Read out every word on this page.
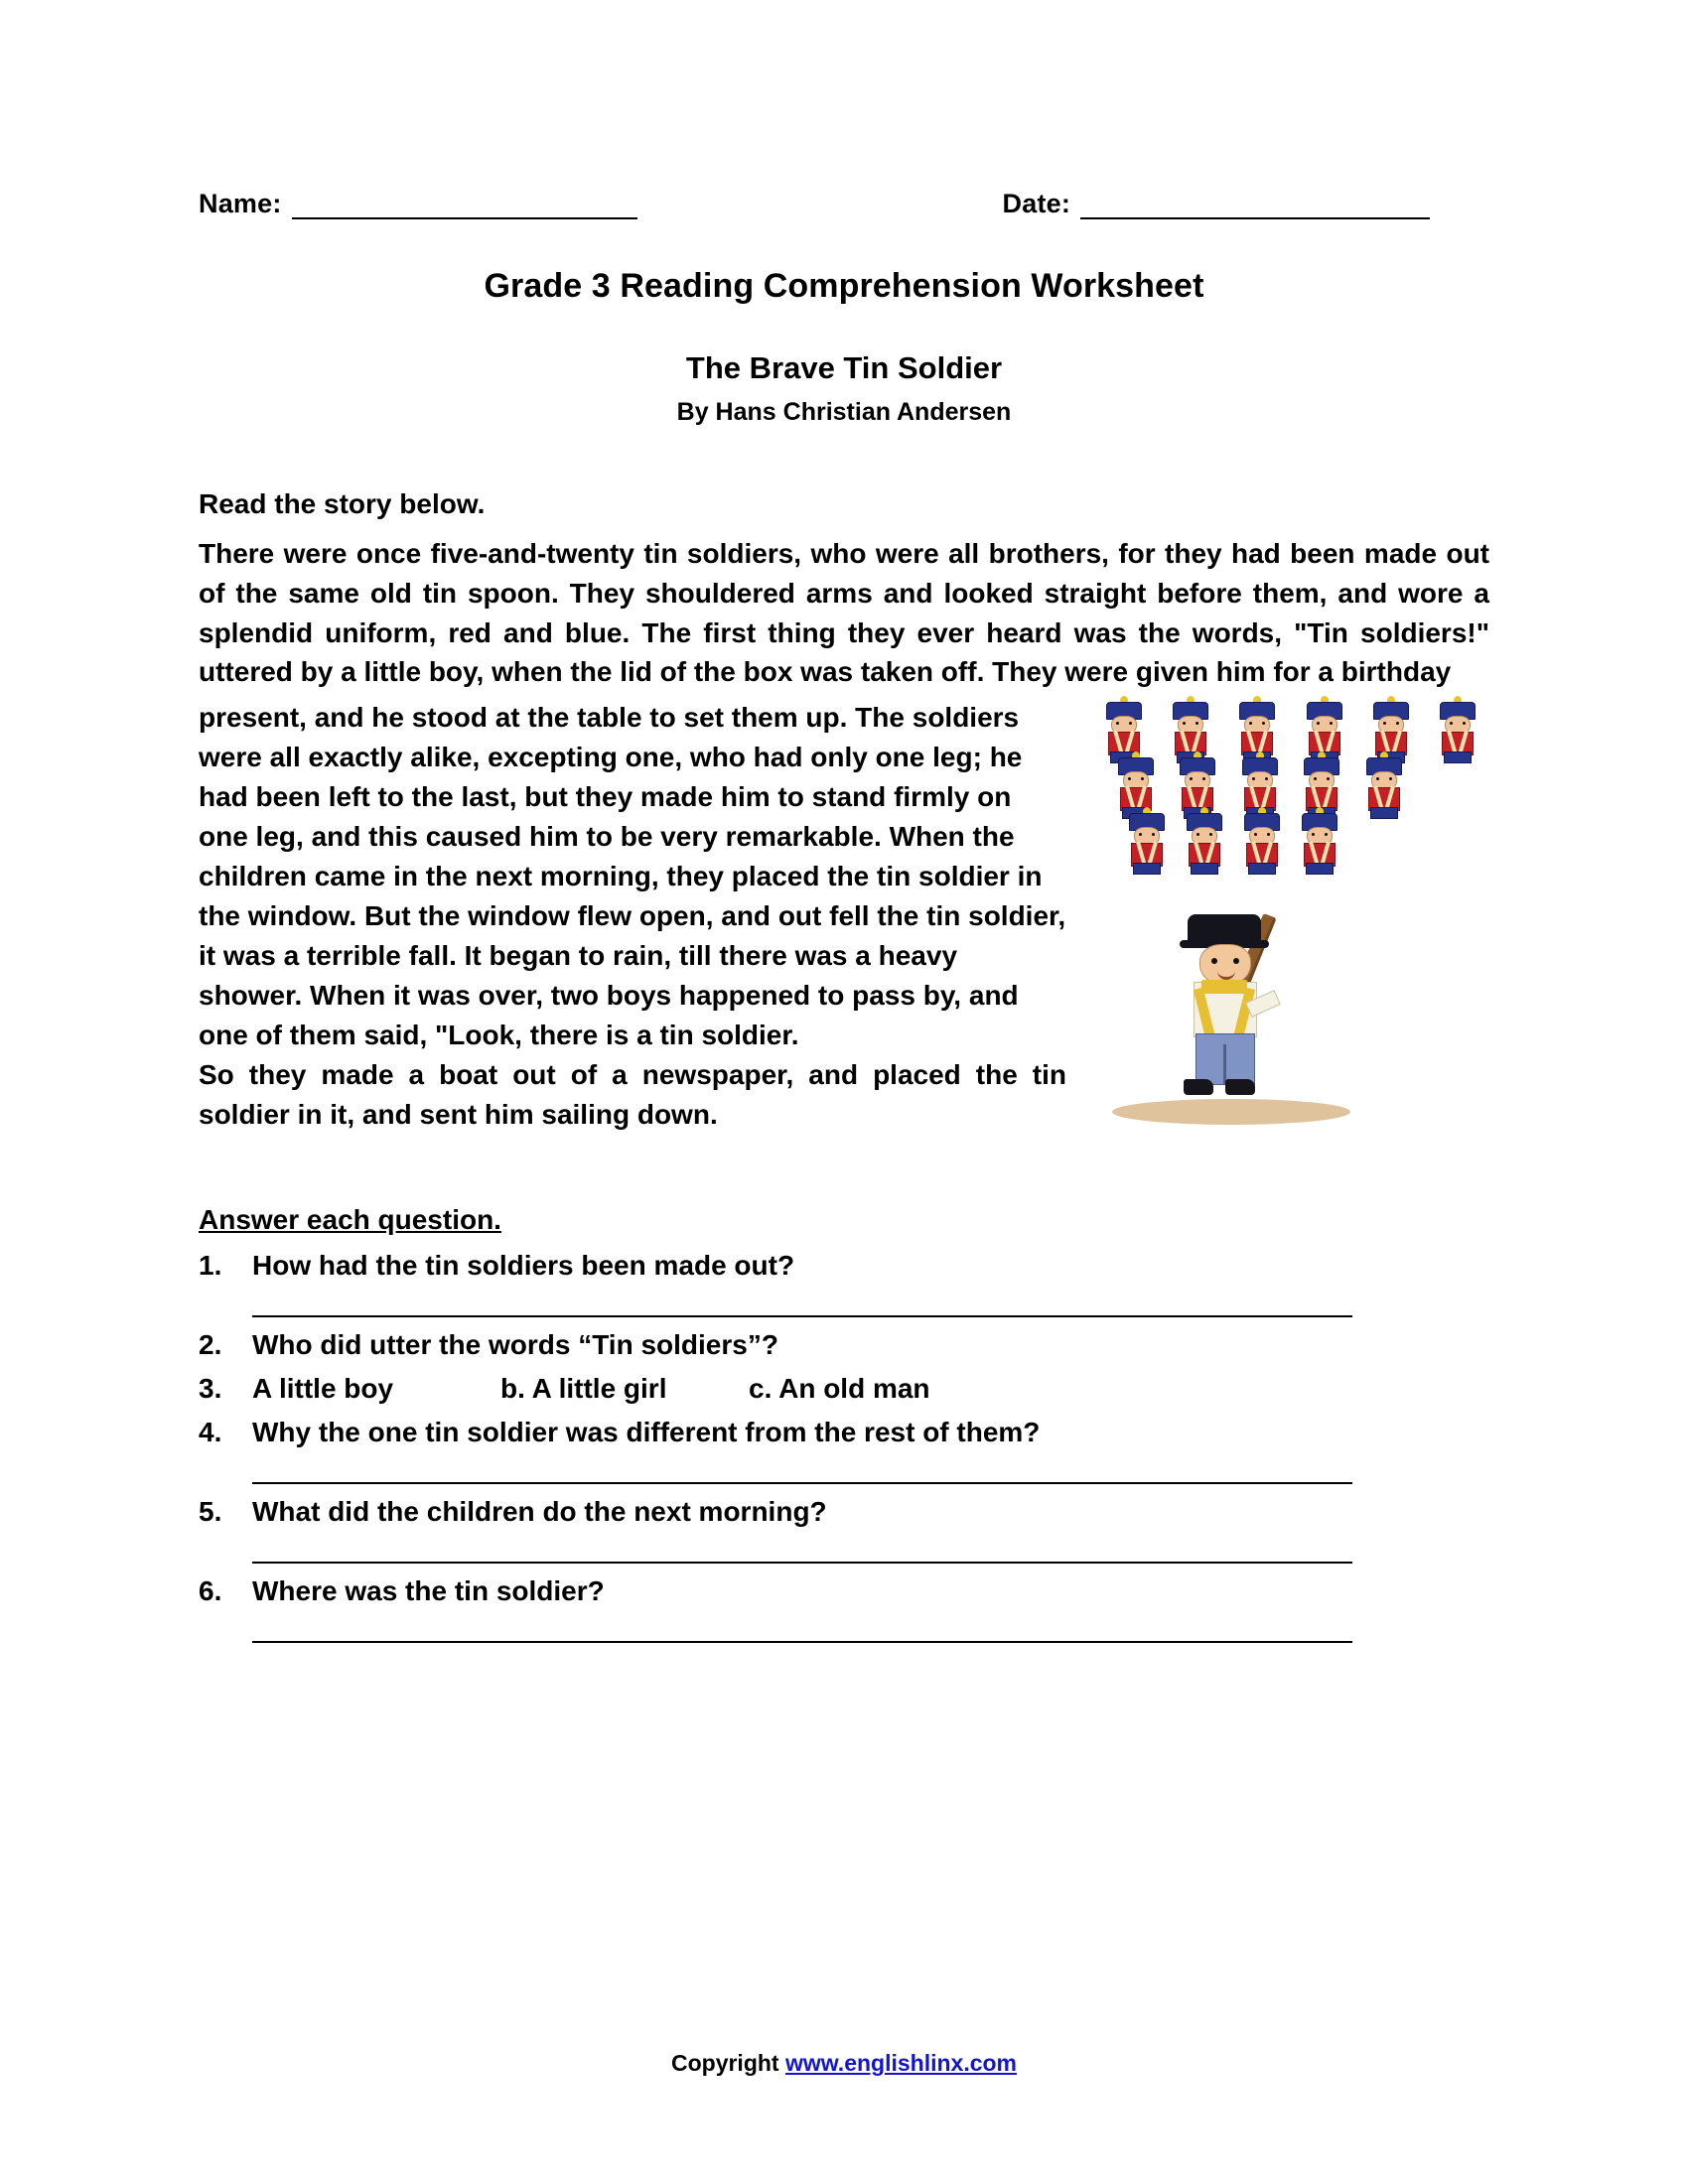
Name:	Date:
Grade 3 Reading Comprehension Worksheet
The Brave Tin Soldier
By Hans Christian Andersen
Read the story below.
There were once five-and-twenty tin soldiers, who were all brothers, for they had been made out of the same old tin spoon. They shouldered arms and looked straight before them, and wore a splendid uniform, red and blue. The first thing they ever heard was the words, "Tin soldiers!" uttered by a little boy, when the lid of the box was taken off. They were given him for a birthday
present, and he stood at the table to set them up. The soldiers were all exactly alike, excepting one, who had only one leg; he had been left to the last, but they made him to stand firmly on one leg, and this caused him to be very remarkable. When the children came in the next morning, they placed the tin soldier in the window. But the window flew open, and out fell the tin soldier, it was a terrible fall. It began to rain, till there was a heavy shower. When it was over, two boys happened to pass by, and one of them said, "Look, there is a tin soldier.
So they made a boat out of a newspaper, and placed the tin soldier in it, and sent him sailing down.
Answer each question.
1.	How had the tin soldiers been made out?
2.	Who did utter the words “Tin soldiers”?
3.	A little boy	b. A little girl	c. An old man
4.	Why the one tin soldier was different from the rest of them?
5.	What did the children do the next morning?
6.	Where was the tin soldier?
Copyright www.englishlinx.com
